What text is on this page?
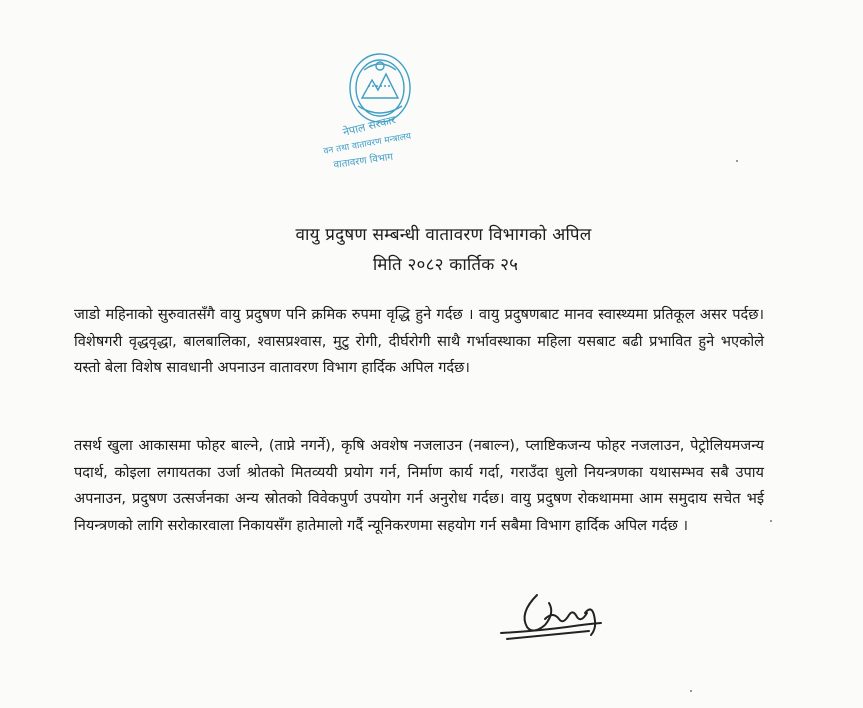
नेपाल सरकार
वन तथा वातावरण मन्त्रालय
वातावरण विभाग
वायु प्रदुषण सम्बन्धी वातावरण विभागको अपिल
मिति २०८२ कार्तिक २५

जाडो महिनाको सुरुवातसँगै वायु प्रदुषण पनि क्रमिक रुपमा वृद्धि हुने गर्दछ । वायु प्रदुषणबाट मानव स्वास्थ्यमा प्रतिकूल असर पर्दछ। विशेषगरी वृद्धवृद्धा, बालबालिका, श्वासप्रश्वास, मुटु रोगी, दीर्घरोगी साथै गर्भावस्थाका महिला यसबाट बढी प्रभावित हुने भएकोले यस्तो बेला विशेष सावधानी अपनाउन वातावरण विभाग हार्दिक अपिल गर्दछ।

तसर्थ खुला आकासमा फोहर बाल्ने, (ताप्ने नगर्ने), कृषि अवशेष नजलाउन (नबाल्न), प्लाष्टिकजन्य फोहर नजलाउन, पेट्रोलियमजन्य पदार्थ, कोइला लगायतका उर्जा श्रोतको मितव्ययी प्रयोग गर्न, निर्माण कार्य गर्दा, गराउँदा धुलो नियन्त्रणका यथासम्भव सबै उपाय अपनाउन, प्रदुषण उत्सर्जनका अन्य स्रोतको विवेकपुर्ण उपयोग गर्न अनुरोध गर्दछ। वायु प्रदुषण रोकथाममा आम समुदाय सचेत भई नियन्त्रणको लागि सरोकारवाला निकायसँग हातेमालो गर्दै न्यूनिकरणमा सहयोग गर्न सबैमा विभाग हार्दिक अपिल गर्दछ ।
